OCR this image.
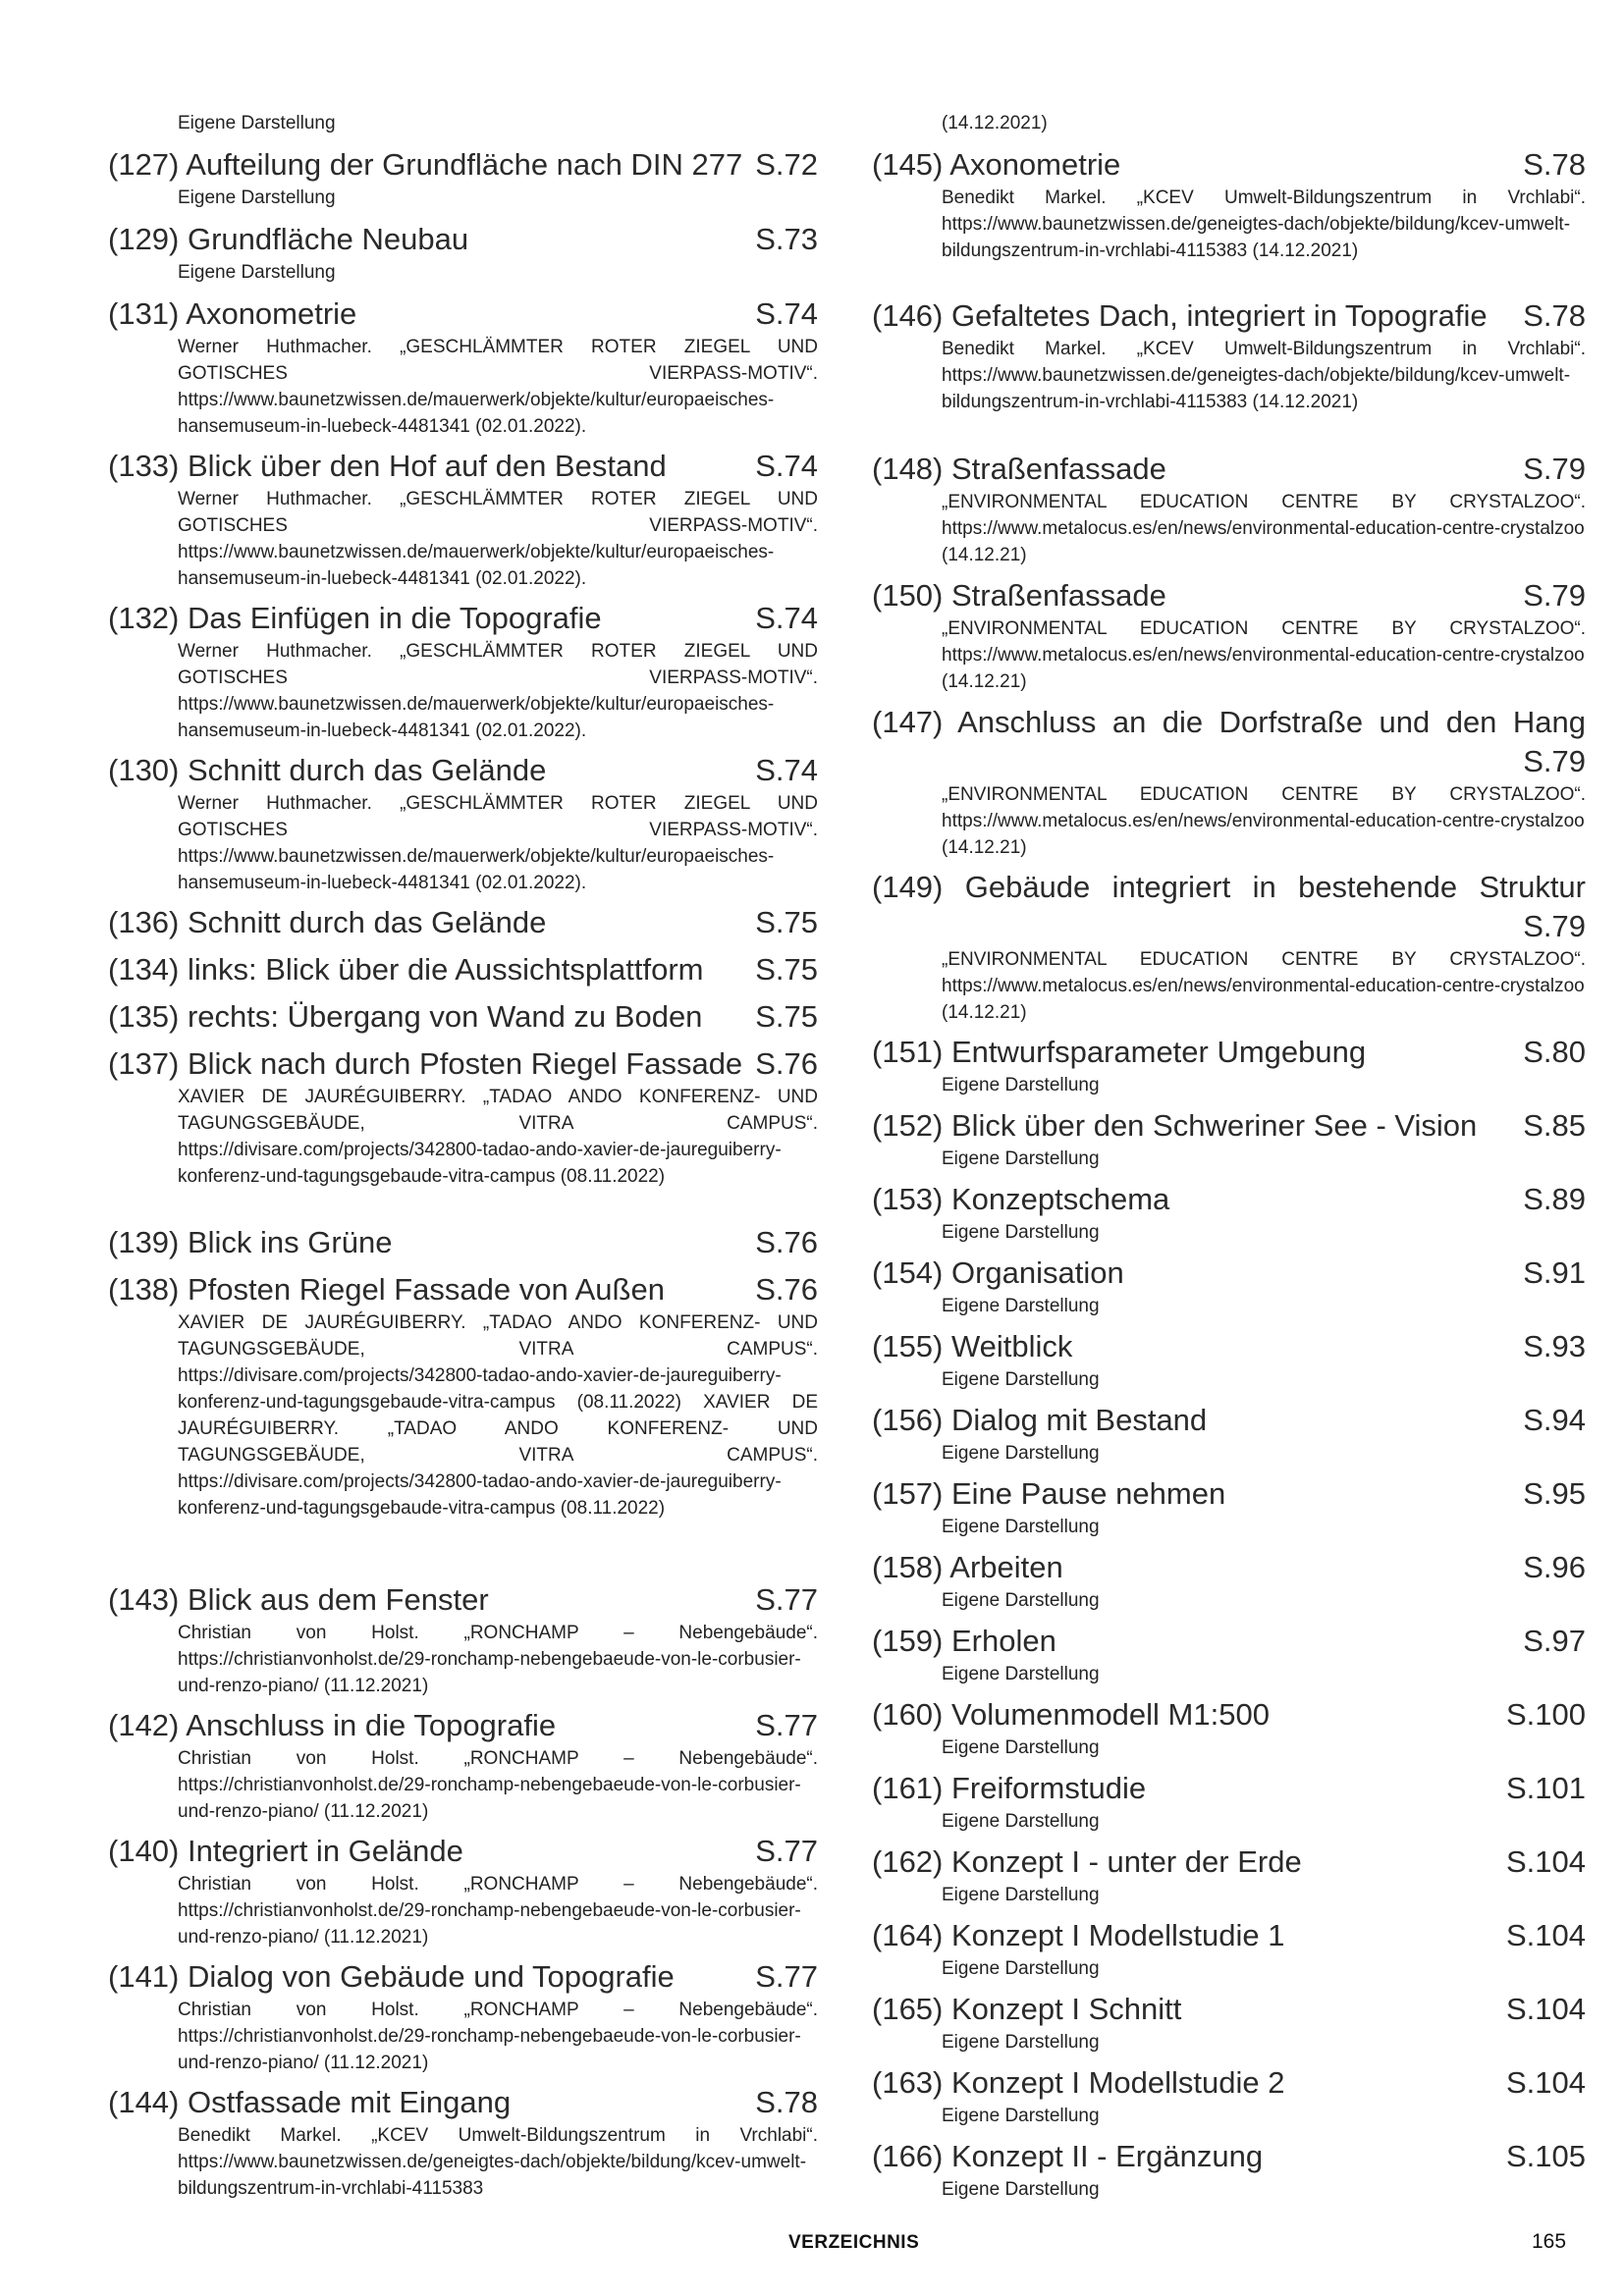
Eigene Darstellung
(127) Aufteilung der Grundfläche nach DIN 277 S.72
Eigene Darstellung
(129) Grundfläche Neubau	S.73
Eigene Darstellung
(131) Axonometrie	S.74
Werner Huthmacher. „GESCHLÄMMTER ROTER ZIEGEL UND GOTISCHES VIERPASS-MOTIV“. https://www.baunetzwissen.de/mauerwerk/objekte/kultur/europaeisches-hansemuseum-in-luebeck-4481341 (02.01.2022).
(133) Blick über den Hof auf den Bestand	S.74
Werner Huthmacher. „GESCHLÄMMTER ROTER ZIEGEL UND GOTISCHES VIERPASS-MOTIV“. https://www.baunetzwissen.de/mauerwerk/objekte/kultur/europaeisches-hansemuseum-in-luebeck-4481341 (02.01.2022).
(132) Das Einfügen in die Topografie	S.74
Werner Huthmacher. „GESCHLÄMMTER ROTER ZIEGEL UND GOTISCHES VIERPASS-MOTIV“. https://www.baunetzwissen.de/mauerwerk/objekte/kultur/europaeisches-hansemuseum-in-luebeck-4481341 (02.01.2022).
(130) Schnitt durch das Gelände	S.74
Werner Huthmacher. „GESCHLÄMMTER ROTER ZIEGEL UND GOTISCHES VIERPASS-MOTIV“. https://www.baunetzwissen.de/mauerwerk/objekte/kultur/europaeisches-hansemuseum-in-luebeck-4481341 (02.01.2022).
(136) Schnitt durch das Gelände	S.75
(134) links: Blick über die Aussichtsplattform S.75
(135) rechts: Übergang von Wand zu Boden S.75
(137) Blick nach durch Pfosten Riegel Fassade S.76
XAVIER DE JAURÉGUIBERRY. „TADAO ANDO KONFERENZ- UND TAGUNGSGEBÄUDE, VITRA CAMPUS“. https://divisare.com/projects/342800-tadao-ando-xavier-de-jaureguiberry-konferenz-und-tagungsgebaude-vitra-campus (08.11.2022)
(139) Blick ins Grüne	S.76
(138) Pfosten Riegel Fassade von Außen	S.76
XAVIER DE JAURÉGUIBERRY. „TADAO ANDO KONFERENZ- UND TAGUNGSGEBÄUDE, VITRA CAMPUS“. https://divisare.com/projects/342800-tadao-ando-xavier-de-jaureguiberry-konferenz-und-tagungsgebaude-vitra-campus (08.11.2022) XAVIER DE JAURÉGUIBERRY. „TADAO ANDO KONFERENZ- UND TAGUNGSGEBÄUDE, VITRA CAMPUS“. https://divisare.com/projects/342800-tadao-ando-xavier-de-jaureguiberry-konferenz-und-tagungsgebaude-vitra-campus (08.11.2022)
(143) Blick aus dem Fenster	S.77
Christian von Holst. „RONCHAMP – Nebengebäude“. https://christianvonholst.de/29-ronchamp-nebengebaeude-von-le-corbusier-und-renzo-piano/ (11.12.2021)
(142) Anschluss in die Topografie	S.77
Christian von Holst. „RONCHAMP – Nebengebäude“. https://christianvonholst.de/29-ronchamp-nebengebaeude-von-le-corbusier-und-renzo-piano/ (11.12.2021)
(140) Integriert in Gelände	S.77
Christian von Holst. „RONCHAMP – Nebengebäude“. https://christianvonholst.de/29-ronchamp-nebengebaeude-von-le-corbusier-und-renzo-piano/ (11.12.2021)
(141) Dialog von Gebäude und Topografie	S.77
Christian von Holst. „RONCHAMP – Nebengebäude“. https://christianvonholst.de/29-ronchamp-nebengebaeude-von-le-corbusier-und-renzo-piano/ (11.12.2021)
(144) Ostfassade mit Eingang	S.78
Benedikt Markel. „KCEV Umwelt-Bildungszentrum in Vrchlabi“. https://www.baunetzwissen.de/geneigtes-dach/objekte/bildung/kcev-umwelt-bildungszentrum-in-vrchlabi-4115383
(14.12.2021)
(145) Axonometrie	S.78
Benedikt Markel. „KCEV Umwelt-Bildungszentrum in Vrchlabi“. https://www.baunetzwissen.de/geneigtes-dach/objekte/bildung/kcev-umwelt-bildungszentrum-in-vrchlabi-4115383 (14.12.2021)
(146) Gefaltetes Dach, integriert in Topografie S.78
Benedikt Markel. „KCEV Umwelt-Bildungszentrum in Vrchlabi“. https://www.baunetzwissen.de/geneigtes-dach/objekte/bildung/kcev-umwelt-bildungszentrum-in-vrchlabi-4115383 (14.12.2021)
(148) Straßenfassade	S.79
„ENVIRONMENTAL EDUCATION CENTRE BY CRYSTALZOO“. https://www.metalocus.es/en/news/environmental-education-centre-crystalzoo (14.12.21)
(150) Straßenfassade	S.79
„ENVIRONMENTAL EDUCATION CENTRE BY CRYSTALZOO“. https://www.metalocus.es/en/news/environmental-education-centre-crystalzoo (14.12.21)
(147) Anschluss an die Dorfstraße und den Hang
S.79
„ENVIRONMENTAL EDUCATION CENTRE BY CRYSTALZOO“. https://www.metalocus.es/en/news/environmental-education-centre-crystalzoo (14.12.21)
(149) Gebäude integriert in bestehende Struktur
S.79
„ENVIRONMENTAL EDUCATION CENTRE BY CRYSTALZOO“. https://www.metalocus.es/en/news/environmental-education-centre-crystalzoo (14.12.21)
(151) Entwurfsparameter Umgebung	S.80
Eigene Darstellung
(152) Blick über den Schweriner See - Vision S.85
Eigene Darstellung
(153) Konzeptschema	S.89
Eigene Darstellung
(154) Organisation	S.91
Eigene Darstellung
(155) Weitblick	S.93
Eigene Darstellung
(156) Dialog mit Bestand	S.94
Eigene Darstellung
(157) Eine Pause nehmen	S.95
Eigene Darstellung
(158) Arbeiten	S.96
Eigene Darstellung
(159) Erholen	S.97
Eigene Darstellung
(160) Volumenmodell M1:500	S.100
Eigene Darstellung
(161) Freiformstudie	S.101
Eigene Darstellung
(162) Konzept I - unter der Erde	S.104
Eigene Darstellung
(164) Konzept I Modellstudie 1	S.104
Eigene Darstellung
(165) Konzept I Schnitt	S.104
Eigene Darstellung
(163) Konzept I Modellstudie 2	S.104
Eigene Darstellung
(166) Konzept II - Ergänzung	S.105
Eigene Darstellung
VERZEICHNIS	165
